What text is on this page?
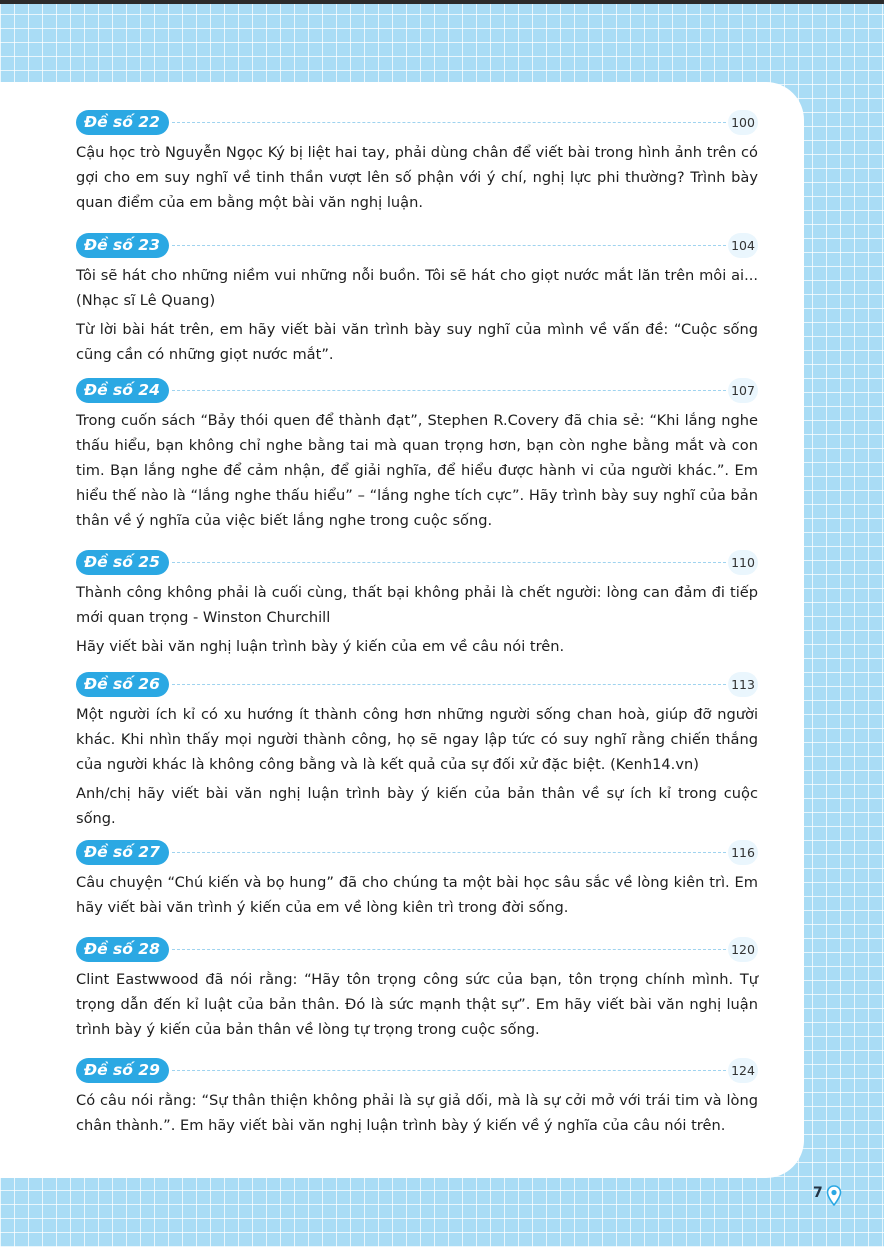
Đề số 22	100

Cậu học trò Nguyễn Ngọc Ký bị liệt hai tay, phải dùng chân để viết bài trong hình ảnh trên có gợi cho em suy nghĩ về tinh thần vượt lên số phận với ý chí, nghị lực phi thường? Trình bày quan điểm của em bằng một bài văn nghị luận.

Đề số 23	104

Tôi sẽ hát cho những niềm vui những nỗi buồn. Tôi sẽ hát cho giọt nước mắt lăn trên môi ai... (Nhạc sĩ Lê Quang)

Từ lời bài hát trên, em hãy viết bài văn trình bày suy nghĩ của mình về vấn đề: “Cuộc sống cũng cần có những giọt nước mắt”.

Đề số 24	107

Trong cuốn sách “Bảy thói quen để thành đạt”, Stephen R.Covery đã chia sẻ: “Khi lắng nghe thấu hiểu, bạn không chỉ nghe bằng tai mà quan trọng hơn, bạn còn nghe bằng mắt và con tim. Bạn lắng nghe để cảm nhận, để giải nghĩa, để hiểu được hành vi của người khác.”. Em hiểu thế nào là “lắng nghe thấu hiểu” – “lắng nghe tích cực”. Hãy trình bày suy nghĩ của bản thân về ý nghĩa của việc biết lắng nghe trong cuộc sống.

Đề số 25	110

Thành công không phải là cuối cùng, thất bại không phải là chết người: lòng can đảm đi tiếp mới quan trọng - Winston Churchill

Hãy viết bài văn nghị luận trình bày ý kiến của em về câu nói trên.

Đề số 26	113

Một người ích kỉ có xu hướng ít thành công hơn những người sống chan hoà, giúp đỡ người khác. Khi nhìn thấy mọi người thành công, họ sẽ ngay lập tức có suy nghĩ rằng chiến thắng của người khác là không công bằng và là kết quả của sự đối xử đặc biệt. (Kenh14.vn)

Anh/chị hãy viết bài văn nghị luận trình bày ý kiến của bản thân về sự ích kỉ trong cuộc sống.

Đề số 27	116

Câu chuyện “Chú kiến và bọ hung” đã cho chúng ta một bài học sâu sắc về lòng kiên trì. Em hãy viết bài văn trình ý kiến của em về lòng kiên trì trong đời sống.

Đề số 28	120

Clint Eastwwood đã nói rằng: “Hãy tôn trọng công sức của bạn, tôn trọng chính mình. Tự trọng dẫn đến kỉ luật của bản thân. Đó là sức mạnh thật sự”. Em hãy viết bài văn nghị luận trình bày ý kiến của bản thân về lòng tự trọng trong cuộc sống.

Đề số 29	124

Có câu nói rằng: “Sự thân thiện không phải là sự giả dối, mà là sự cởi mở với trái tim và lòng chân thành.”. Em hãy viết bài văn nghị luận trình bày ý kiến về ý nghĩa của câu nói trên.

7
